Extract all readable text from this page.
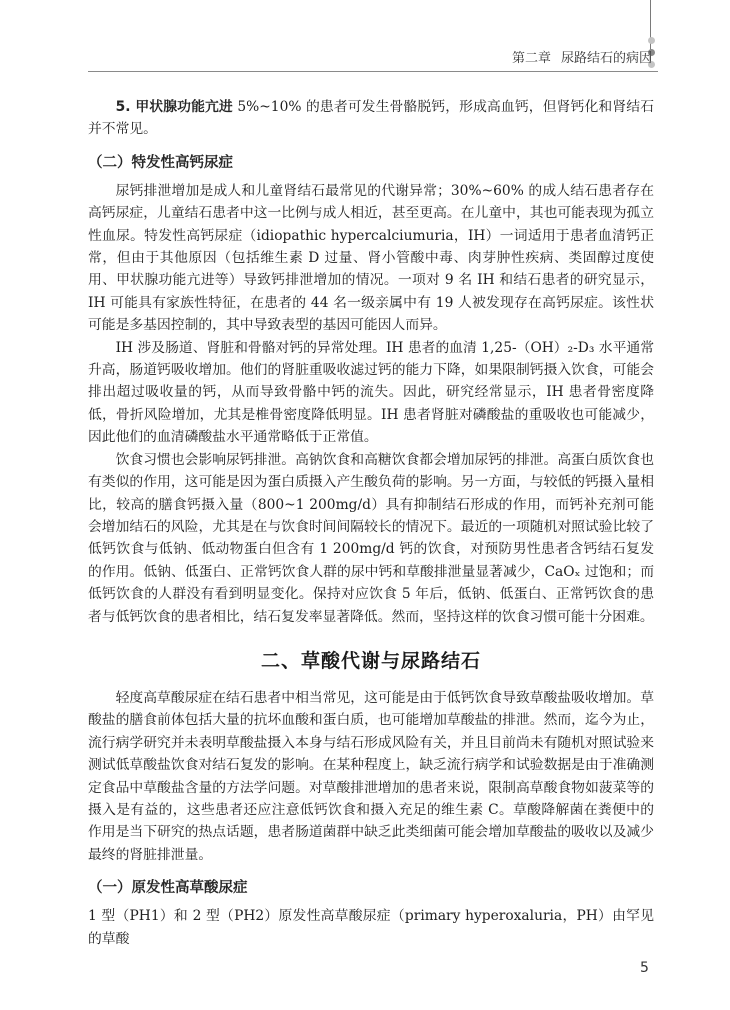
第二章 尿路结石的病因

5. 甲状腺功能亢进 5%~10% 的患者可发生骨骼脱钙，形成高血钙，但肾钙化和肾结石并不常见。

（二）特发性高钙尿症

尿钙排泄增加是成人和儿童肾结石最常见的代谢异常；30%~60% 的成人结石患者存在高钙尿症，儿童结石患者中这一比例与成人相近，甚至更高。在儿童中，其也可能表现为孤立性血尿。特发性高钙尿症（idiopathic hypercalciumuria，IH）一词适用于患者血清钙正常，但由于其他原因（包括维生素 D 过量、肾小管酸中毒、肉芽肿性疾病、类固醇过度使用、甲状腺功能亢进等）导致钙排泄增加的情况。一项对 9 名 IH 和结石患者的研究显示，IH 可能具有家族性特征，在患者的 44 名一级亲属中有 19 人被发现存在高钙尿症。该性状可能是多基因控制的，其中导致表型的基因可能因人而异。

IH 涉及肠道、肾脏和骨骼对钙的异常处理。IH 患者的血清 1,25-（OH）₂-D₃ 水平通常升高，肠道钙吸收增加。他们的肾脏重吸收滤过钙的能力下降，如果限制钙摄入饮食，可能会排出超过吸收量的钙，从而导致骨骼中钙的流失。因此，研究经常显示，IH 患者骨密度降低，骨折风险增加，尤其是椎骨密度降低明显。IH 患者肾脏对磷酸盐的重吸收也可能减少，因此他们的血清磷酸盐水平通常略低于正常值。

饮食习惯也会影响尿钙排泄。高钠饮食和高糖饮食都会增加尿钙的排泄。高蛋白质饮食也有类似的作用，这可能是因为蛋白质摄入产生酸负荷的影响。另一方面，与较低的钙摄入量相比，较高的膳食钙摄入量（800~1 200mg/d）具有抑制结石形成的作用，而钙补充剂可能会增加结石的风险，尤其是在与饮食时间间隔较长的情况下。最近的一项随机对照试验比较了低钙饮食与低钠、低动物蛋白但含有 1 200mg/d 钙的饮食，对预防男性患者含钙结石复发的作用。低钠、低蛋白、正常钙饮食人群的尿中钙和草酸排泄量显著减少，CaOₓ 过饱和；而低钙饮食的人群没有看到明显变化。保持对应饮食 5 年后，低钠、低蛋白、正常钙饮食的患者与低钙饮食的患者相比，结石复发率显著降低。然而，坚持这样的饮食习惯可能十分困难。

二、草酸代谢与尿路结石

轻度高草酸尿症在结石患者中相当常见，这可能是由于低钙饮食导致草酸盐吸收增加。草酸盐的膳食前体包括大量的抗坏血酸和蛋白质，也可能增加草酸盐的排泄。然而，迄今为止，流行病学研究并未表明草酸盐摄入本身与结石形成风险有关，并且目前尚未有随机对照试验来测试低草酸盐饮食对结石复发的影响。在某种程度上，缺乏流行病学和试验数据是由于准确测定食品中草酸盐含量的方法学问题。对草酸排泄增加的患者来说，限制高草酸食物如菠菜等的摄入是有益的，这些患者还应注意低钙饮食和摄入充足的维生素 C。草酸降解菌在粪便中的作用是当下研究的热点话题，患者肠道菌群中缺乏此类细菌可能会增加草酸盐的吸收以及减少最终的肾脏排泄量。

（一）原发性高草酸尿症

1 型（PH1）和 2 型（PH2）原发性高草酸尿症（primary hyperoxaluria，PH）由罕见的草酸

5
